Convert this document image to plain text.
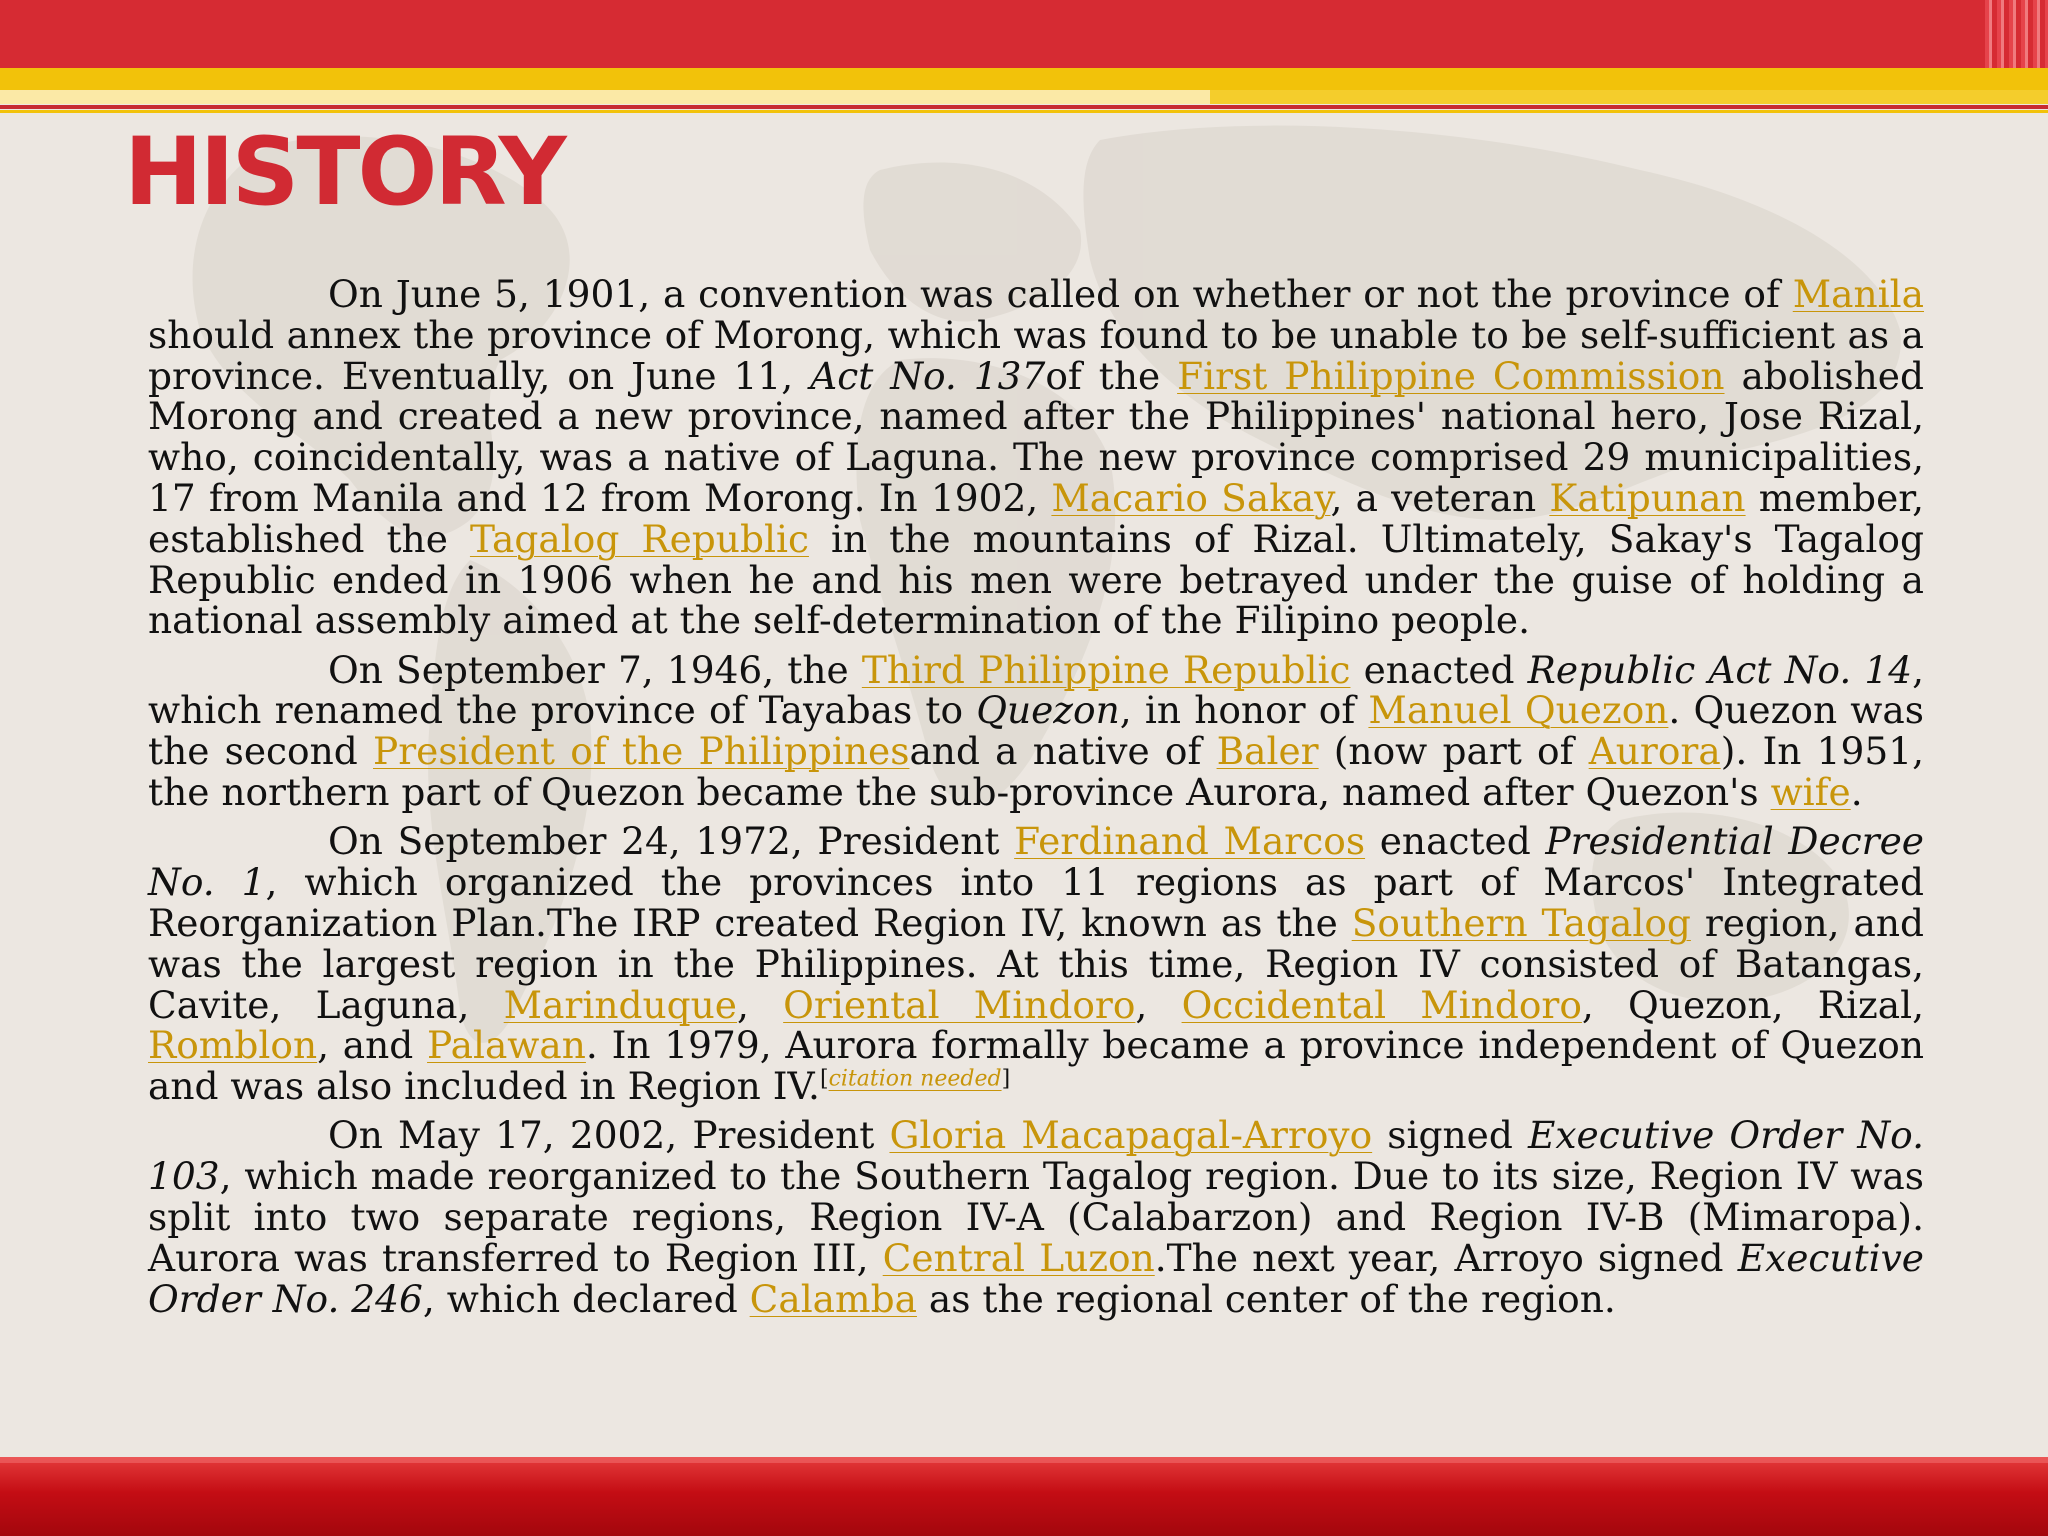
HISTORY

On June 5, 1901, a convention was called on whether or not the province of Manila should annex the province of Morong, which was found to be unable to be self-sufficient as a province. Eventually, on June 11, Act No. 137of the First Philippine Commission abolished Morong and created a new province, named after the Philippines' national hero, Jose Rizal, who, coincidentally, was a native of Laguna. The new province comprised 29 municipalities, 17 from Manila and 12 from Morong. In 1902, Macario Sakay, a veteran Katipunan member, established the Tagalog Republic in the mountains of Rizal. Ultimately, Sakay's Tagalog Republic ended in 1906 when he and his men were betrayed under the guise of holding a national assembly aimed at the self-determination of the Filipino people.

On September 7, 1946, the Third Philippine Republic enacted Republic Act No. 14, which renamed the province of Tayabas to Quezon, in honor of Manuel Quezon. Quezon was the second President of the Philippinesand a native of Baler (now part of Aurora). In 1951, the northern part of Quezon became the sub-province Aurora, named after Quezon's wife.

On September 24, 1972, President Ferdinand Marcos enacted Presidential Decree No. 1, which organized the provinces into 11 regions as part of Marcos' Integrated Reorganization Plan.The IRP created Region IV, known as the Southern Tagalog region, and was the largest region in the Philippines. At this time, Region IV consisted of Batangas, Cavite, Laguna, Marinduque, Oriental Mindoro, Occidental Mindoro, Quezon, Rizal, Romblon, and Palawan. In 1979, Aurora formally became a province independent of Quezon and was also included in Region IV.[citation needed]

On May 17, 2002, President Gloria Macapagal-Arroyo signed Executive Order No. 103, which made reorganized to the Southern Tagalog region. Due to its size, Region IV was split into two separate regions, Region IV-A (Calabarzon) and Region IV-B (Mimaropa). Aurora was transferred to Region III, Central Luzon.The next year, Arroyo signed Executive Order No. 246, which declared Calamba as the regional center of the region.
